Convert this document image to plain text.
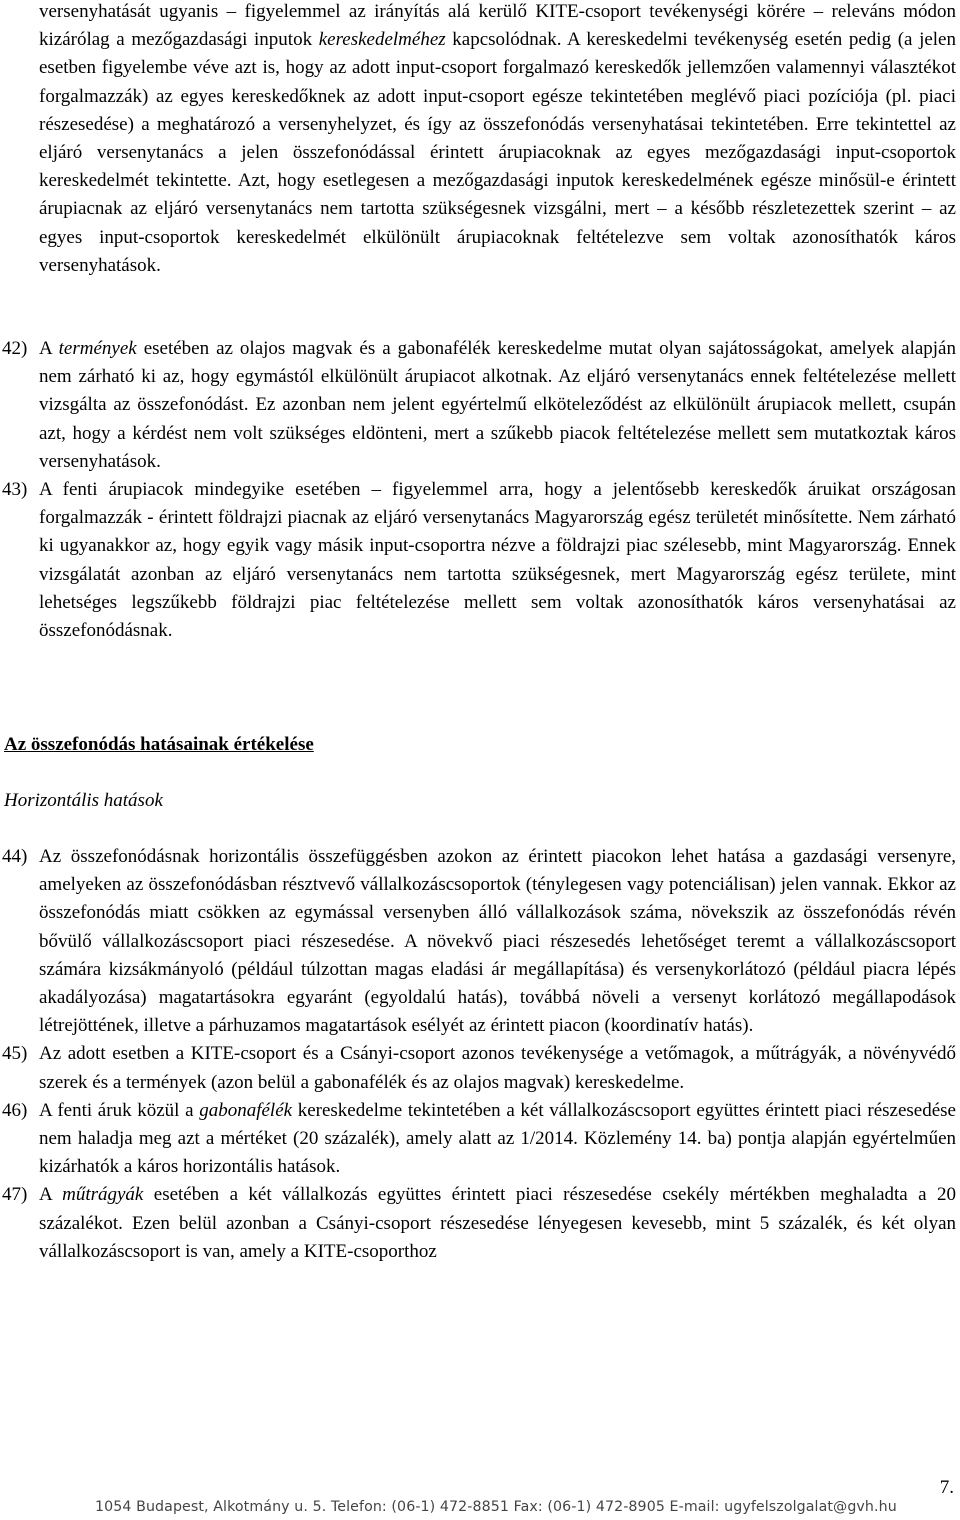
versenyhatását ugyanis – figyelemmel az irányítás alá kerülő KITE-csoport tevékenységi körére – releváns módon kizárólag a mezőgazdasági inputok kereskedelméhez kapcsolódnak. A kereskedelmi tevékenység esetén pedig (a jelen esetben figyelembe véve azt is, hogy az adott input-csoport forgalmazó kereskedők jellemzően valamennyi választékot forgalmazzák) az egyes kereskedőknek az adott input-csoport egésze tekintetében meglévő piaci pozíciója (pl. piaci részesedése) a meghatározó a versenyhelyzet, és így az összefonódás versenyhatásai tekintetében. Erre tekintettel az eljáró versenytanács a jelen összefonódással érintett árupiacoknak az egyes mezőgazdasági input-csoportok kereskedelmét tekintette. Azt, hogy esetlegesen a mezőgazdasági inputok kereskedelmének egésze minősül-e érintett árupiacnak az eljáró versenytanács nem tartotta szükségesnek vizsgálni, mert – a később részletezettek szerint – az egyes input-csoportok kereskedelmét elkülönült árupiacoknak feltételezve sem voltak azonosíthatók káros versenyhatások.
42) A termények esetében az olajos magvak és a gabonafélék kereskedelme mutat olyan sajátosságokat, amelyek alapján nem zárható ki az, hogy egymástól elkülönült árupiacot alkotnak. Az eljáró versenytanács ennek feltételezése mellett vizsgálta az összefonódást. Ez azonban nem jelent egyértelmű elköteleződést az elkülönült árupiacok mellett, csupán azt, hogy a kérdést nem volt szükséges eldönteni, mert a szűkebb piacok feltételezése mellett sem mutatkoztak káros versenyhatások.
43) A fenti árupiacok mindegyike esetében – figyelemmel arra, hogy a jelentősebb kereskedők áruikat országosan forgalmazzák - érintett földrajzi piacnak az eljáró versenytanács Magyarország egész területét minősítette. Nem zárható ki ugyanakkor az, hogy egyik vagy másik input-csoportra nézve a földrajzi piac szélesebb, mint Magyarország. Ennek vizsgálatát azonban az eljáró versenytanács nem tartotta szükségesnek, mert Magyarország egész területe, mint lehetséges legszűkebb földrajzi piac feltételezése mellett sem voltak azonosíthatók káros versenyhatásai az összefonódásnak.
Az összefonódás hatásainak értékelése
Horizontális hatások
44) Az összefonódásnak horizontális összefüggésben azokon az érintett piacokon lehet hatása a gazdasági versenyre, amelyeken az összefonódásban résztvevő vállalkozáscsoportok (ténylegesen vagy potenciálisan) jelen vannak. Ekkor az összefonódás miatt csökken az egymással versenyben álló vállalkozások száma, növekszik az összefonódás révén bővülő vállalkozáscsoport piaci részesedése. A növekvő piaci részesedés lehetőséget teremt a vállalkozáscsoport számára kizsákmányoló (például túlzottan magas eladási ár megállapítása) és versenykorlátozó (például piacra lépés akadályozása) magatartásokra egyaránt (egyoldalú hatás), továbbá növeli a versenyt korlátozó megállapodások létrejöttének, illetve a párhuzamos magatartások esélyét az érintett piacon (koordinatív hatás).
45) Az adott esetben a KITE-csoport és a Csányi-csoport azonos tevékenysége a vetőmagok, a műtrágyák, a növényvédő szerek és a termények (azon belül a gabonafélék és az olajos magvak) kereskedelme.
46) A fenti áruk közül a gabonafélék kereskedelme tekintetében a két vállalkozáscsoport együttes érintett piaci részesedése nem haladja meg azt a mértéket (20 százalék), amely alatt az 1/2014. Közlemény 14. ba) pontja alapján egyértelműen kizárhatók a káros horizontális hatások.
47) A műtrágyák esetében a két vállalkozás együttes érintett piaci részesedése csekély mértékben meghaladta a 20 százalékot. Ezen belül azonban a Csányi-csoport részesedése lényegesen kevesebb, mint 5 százalék, és két olyan vállalkozáscsoport is van, amely a KITE-csoporthoz
7.
1054 Budapest, Alkotmány u. 5. Telefon: (06-1) 472-8851 Fax: (06-1) 472-8905 E-mail: ugyfelszolgalat@gvh.hu
